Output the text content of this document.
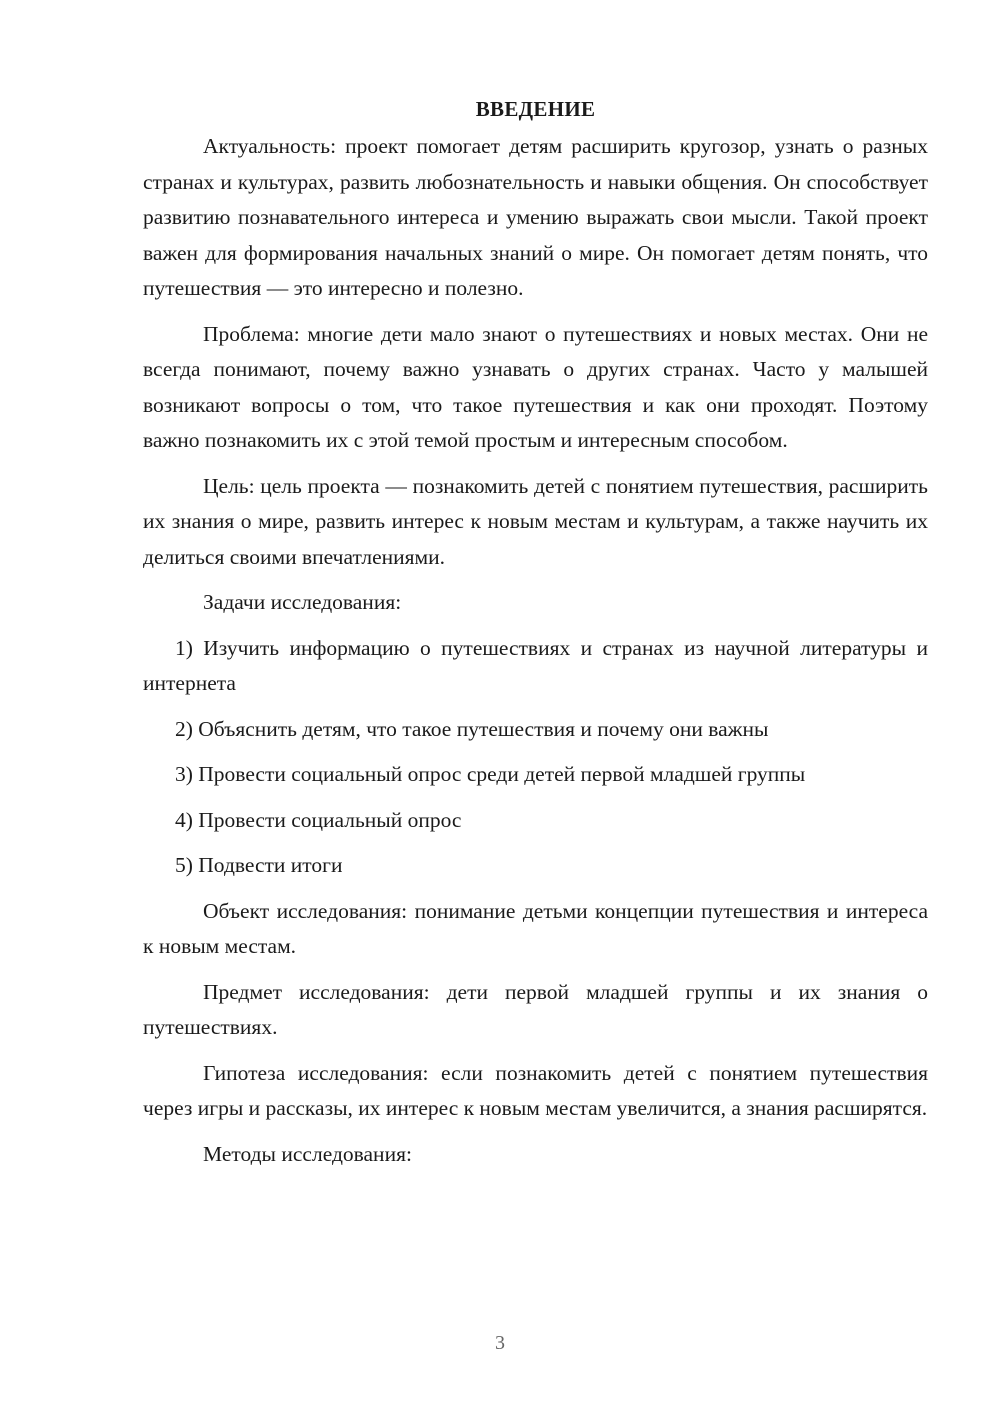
ВВЕДЕНИЕ

Актуальность: проект помогает детям расширить кругозор, узнать о разных странах и культурах, развить любознательность и навыки общения. Он способствует развитию познавательного интереса и умению выражать свои мысли. Такой проект важен для формирования начальных знаний о мире. Он помогает детям понять, что путешествия — это интересно и полезно.

Проблема: многие дети мало знают о путешествиях и новых местах. Они не всегда понимают, почему важно узнавать о других странах. Часто у малышей возникают вопросы о том, что такое путешествия и как они проходят. Поэтому важно познакомить их с этой темой простым и интересным способом.

Цель: цель проекта — познакомить детей с понятием путешествия, расширить их знания о мире, развить интерес к новым местам и культурам, а также научить их делиться своими впечатлениями.

Задачи исследования:

1) Изучить информацию о путешествиях и странах из научной литературы и интернета

2) Объяснить детям, что такое путешествия и почему они важны

3) Провести социальный опрос среди детей первой младшей группы

4) Провести социальный опрос

5) Подвести итоги

Объект исследования: понимание детьми концепции путешествия и интереса к новым местам.

Предмет исследования: дети первой младшей группы и их знания о путешествиях.

Гипотеза исследования: если познакомить детей с понятием путешествия через игры и рассказы, их интерес к новым местам увеличится, а знания расширятся.

Методы исследования:

3
